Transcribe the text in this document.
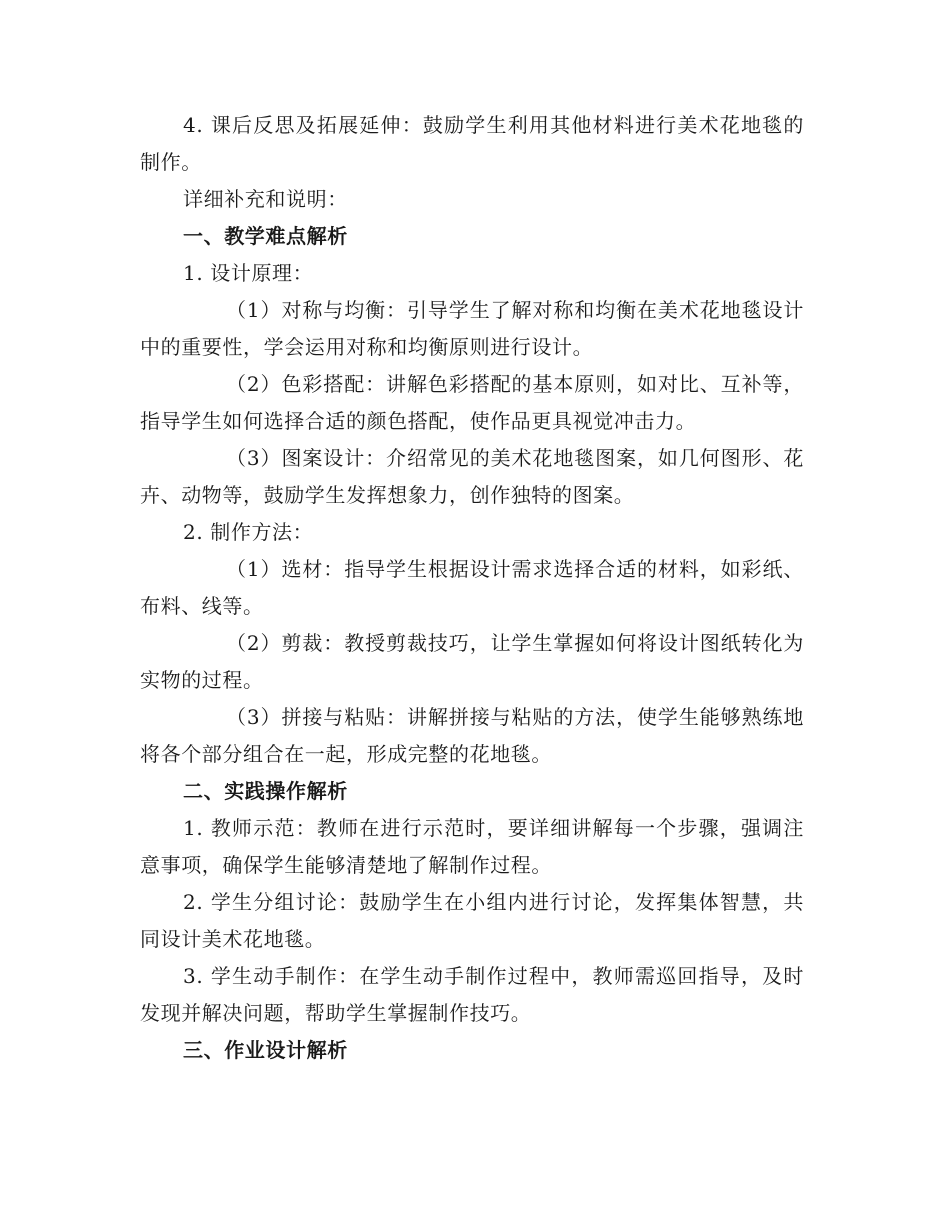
4. 课后反思及拓展延伸：鼓励学生利用其他材料进行美术花地毯的制作。

详细补充和说明：

一、教学难点解析

1. 设计原理：

（1）对称与均衡：引导学生了解对称和均衡在美术花地毯设计中的重要性，学会运用对称和均衡原则进行设计。

（2）色彩搭配：讲解色彩搭配的基本原则，如对比、互补等，指导学生如何选择合适的颜色搭配，使作品更具视觉冲击力。

（3）图案设计：介绍常见的美术花地毯图案，如几何图形、花卉、动物等，鼓励学生发挥想象力，创作独特的图案。

2. 制作方法：

（1）选材：指导学生根据设计需求选择合适的材料，如彩纸、布料、线等。

（2）剪裁：教授剪裁技巧，让学生掌握如何将设计图纸转化为实物的过程。

（3）拼接与粘贴：讲解拼接与粘贴的方法，使学生能够熟练地将各个部分组合在一起，形成完整的花地毯。

二、实践操作解析

1. 教师示范：教师在进行示范时，要详细讲解每一个步骤，强调注意事项，确保学生能够清楚地了解制作过程。

2. 学生分组讨论：鼓励学生在小组内进行讨论，发挥集体智慧，共同设计美术花地毯。

3. 学生动手制作：在学生动手制作过程中，教师需巡回指导，及时发现并解决问题，帮助学生掌握制作技巧。

三、作业设计解析
